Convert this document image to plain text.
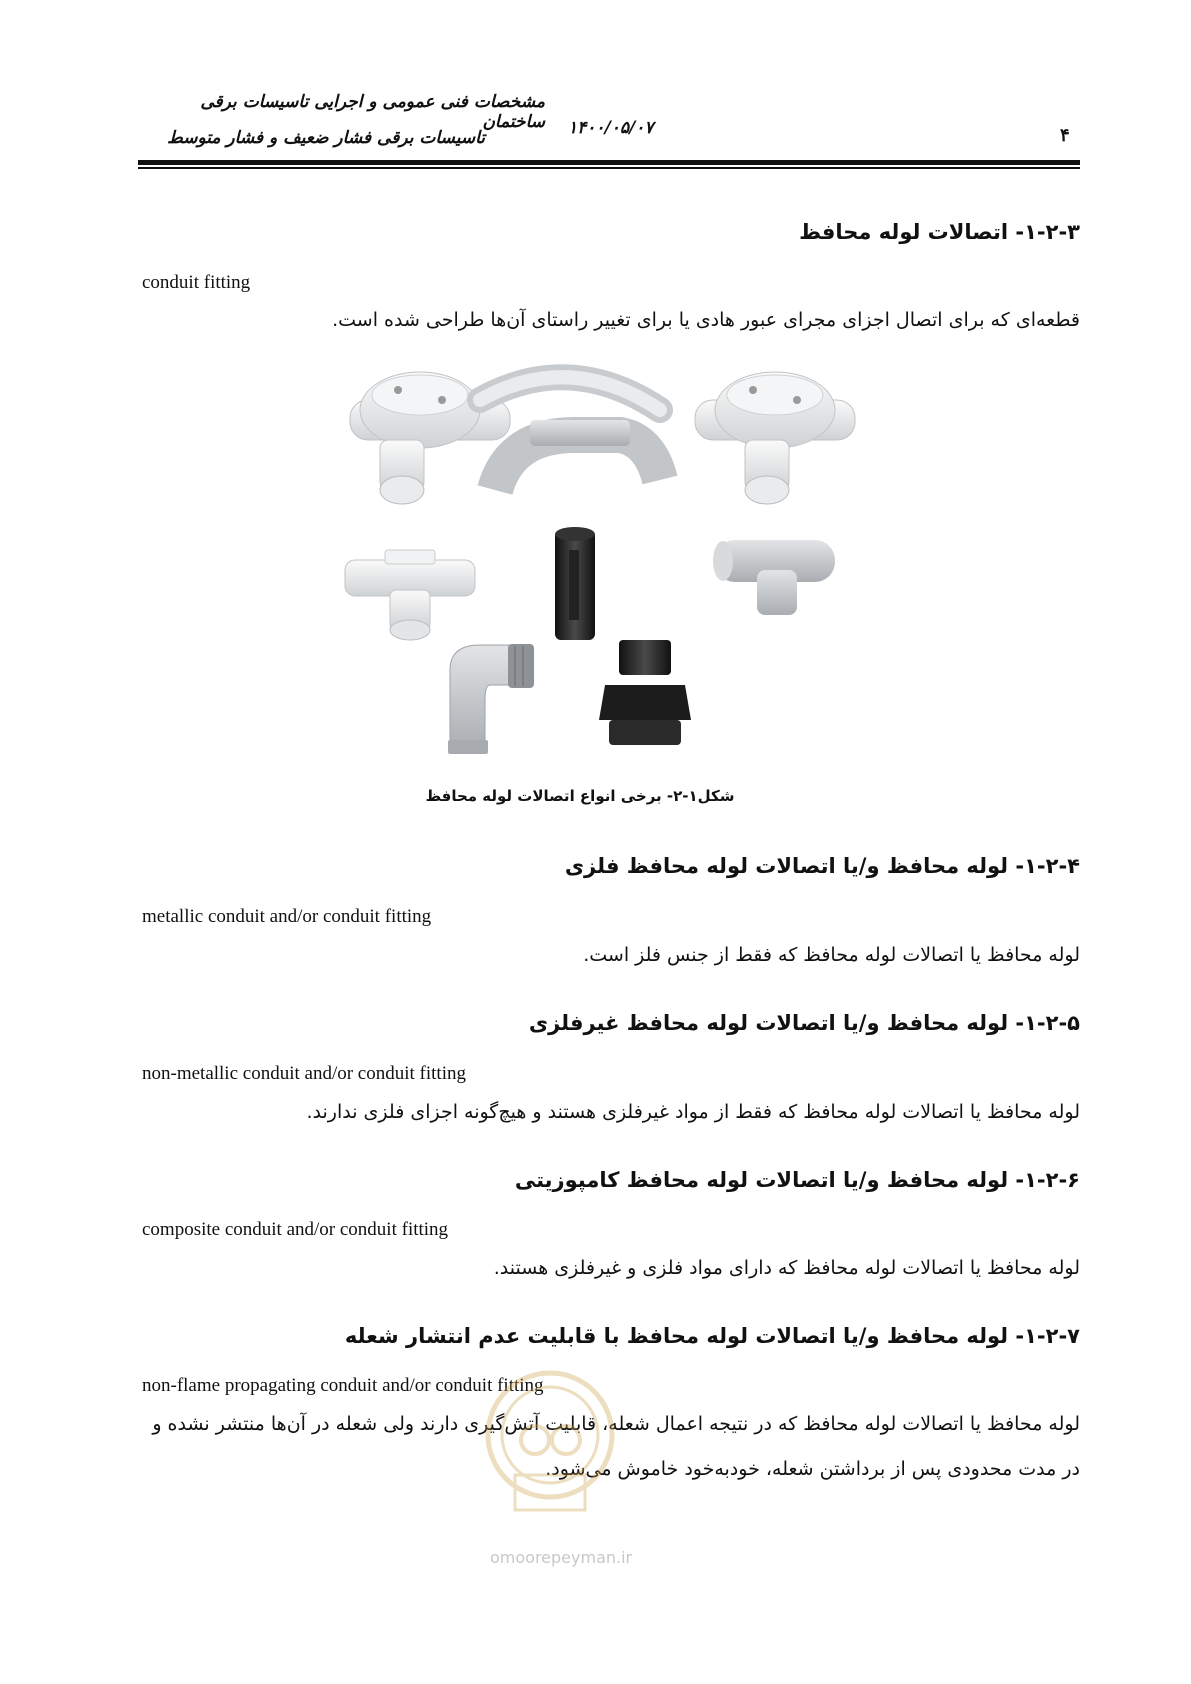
مشخصات فنی عمومی و اجرایی تاسیسات برقی ساختمان
تاسیسات برقی فشار ضعیف و فشار متوسط	۱۴۰۰/۰۵/۰۷	۴
۱-۲-۳- اتصالات لوله محافظ
conduit fitting
قطعه‌ای که برای اتصال اجزای مجرای عبور هادی یا برای تغییر راستای آن‌ها طراحی شده است.
شکل۱-۲- برخی انواع اتصالات لوله محافظ
۱-۲-۴- لوله محافظ و/یا اتصالات لوله محافظ فلزی
metallic conduit and/or conduit fitting
لوله محافظ یا اتصالات لوله محافظ که فقط از جنس فلز است.
۱-۲-۵- لوله محافظ و/یا اتصالات لوله محافظ غیرفلزی
non-metallic conduit and/or conduit fitting
لوله محافظ یا اتصالات لوله محافظ که فقط از مواد غیرفلزی هستند و هیچ‌گونه اجزای فلزی ندارند.
۱-۲-۶- لوله محافظ و/یا اتصالات لوله محافظ کامپوزیتی
composite conduit and/or conduit fitting
لوله محافظ یا اتصالات لوله محافظ که دارای مواد فلزی و غیرفلزی هستند.
۱-۲-۷- لوله محافظ و/یا اتصالات لوله محافظ با قابلیت عدم انتشار شعله
non-flame propagating conduit and/or conduit fitting
لوله محافظ یا اتصالات لوله محافظ که در نتیجه اعمال شعله، قابلیت آتش‌گیری دارند ولی شعله در آن‌ها منتشر نشده و
در مدت محدودی پس از برداشتن شعله، خودبه‌خود خاموش می‌شود.
omoorepeyman.ir
